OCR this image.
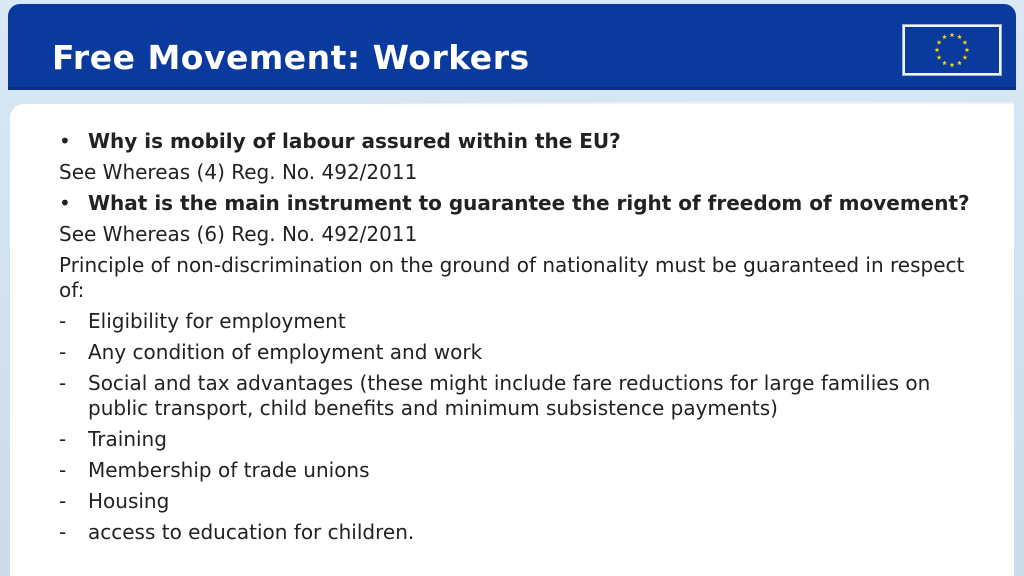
Free Movement: Workers
• Why is mobily of labour assured within the EU?
See Whereas (4) Reg. No. 492/2011
• What is the main instrument to guarantee the right of freedom of movement?
See Whereas (6) Reg. No. 492/2011
Principle of non-discrimination on the ground of nationality must be guaranteed in respect of:
-	Eligibility for employment
-	Any condition of employment and work
-	Social and tax advantages (these might include fare reductions for large families on public transport, child benefits and minimum subsistence payments)
-	Training
-	Membership of trade unions
-	Housing
-	access to education for children.
